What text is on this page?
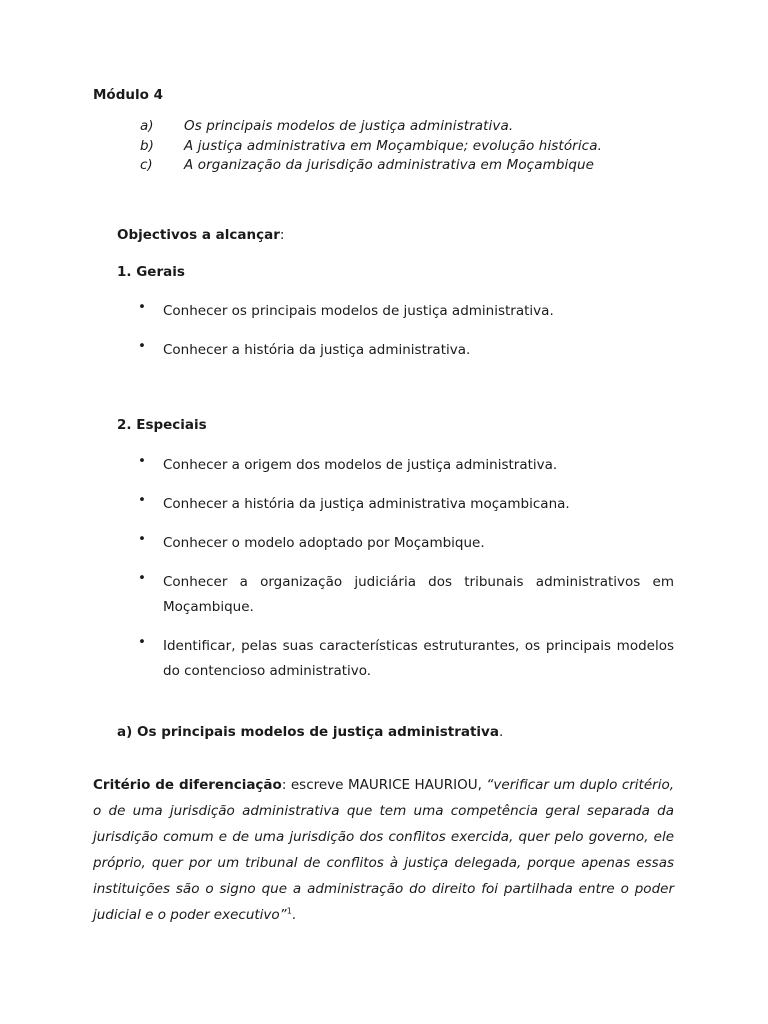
Módulo 4
a) Os principais modelos de justiça administrativa.
b) A justiça administrativa em Moçambique; evolução histórica.
c) A organização da jurisdição administrativa em Moçambique
Objectivos a alcançar:
1. Gerais
•	Conhecer os principais modelos de justiça administrativa.
•	Conhecer a história da justiça administrativa.
2. Especiais
•	Conhecer a origem dos modelos de justiça administrativa.
•	Conhecer a história da justiça administrativa moçambicana.
•	Conhecer o modelo adoptado por Moçambique.
•	Conhecer a organização judiciária dos tribunais administrativos em Moçambique.
•	Identificar, pelas suas características estruturantes, os principais modelos do contencioso administrativo.
a) Os principais modelos de justiça administrativa.
Critério de diferenciação: escreve MAURICE HAURIOU, “verificar um duplo critério, o de uma jurisdição administrativa que tem uma competência geral separada da jurisdição comum e de uma jurisdição dos conflitos exercida, quer pelo governo, ele próprio, quer por um tribunal de conflitos à justiça delegada, porque apenas essas instituições são o signo que a administração do direito foi partilhada entre o poder judicial e o poder executivo”$^1$.
